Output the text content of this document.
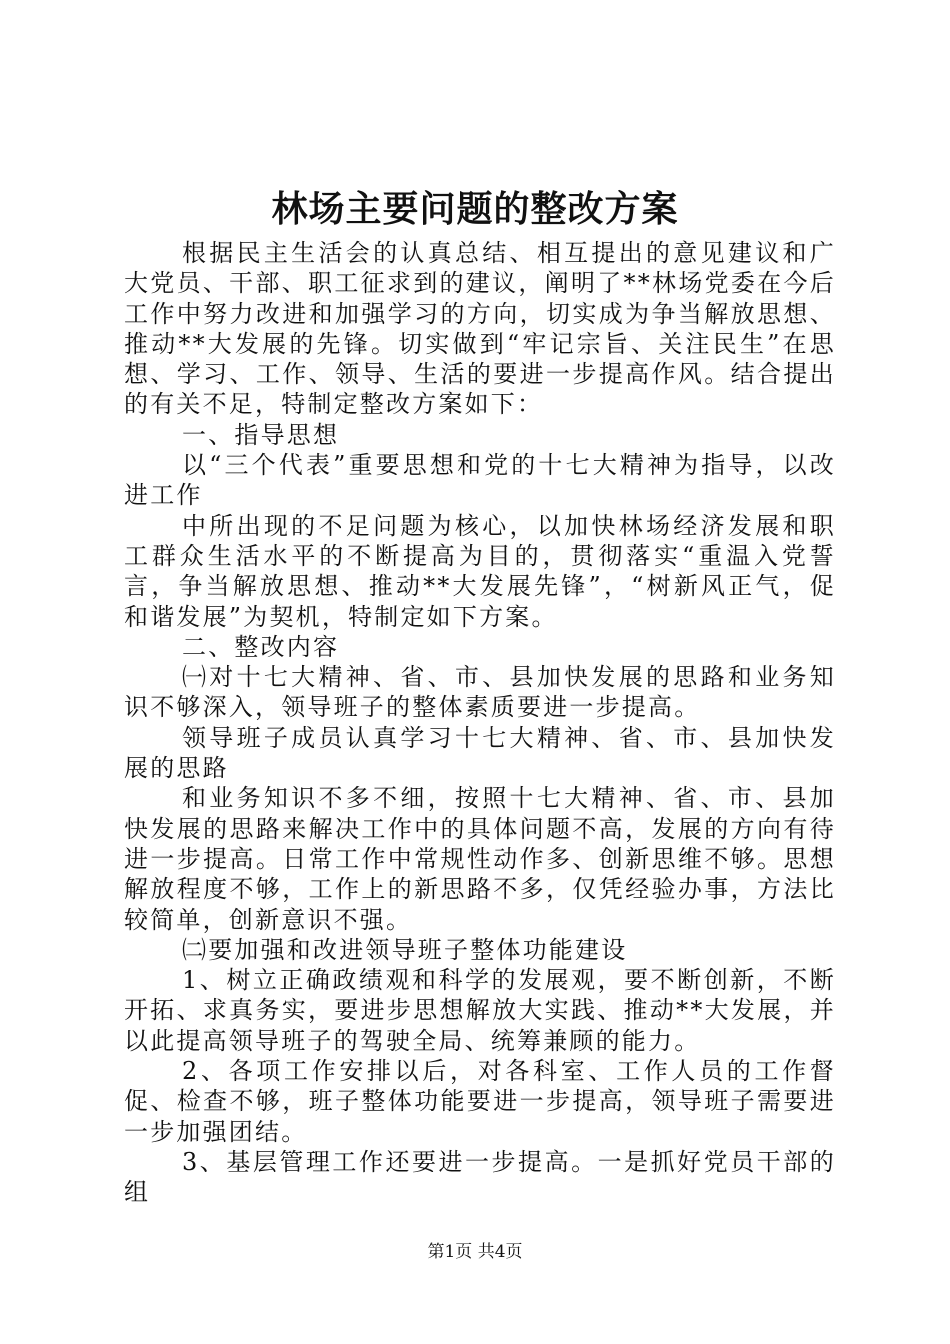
林场主要问题的整改方案

根据民主生活会的认真总结、相互提出的意见建议和广大党员、干部、职工征求到的建议，阐明了**林场党委在今后工作中努力改进和加强学习的方向，切实成为争当解放思想、推动**大发展的先锋。切实做到“牢记宗旨、关注民生”在思想、学习、工作、领导、生活的要进一步提高作风。结合提出的有关不足，特制定整改方案如下：

一、指导思想

以“三个代表”重要思想和党的十七大精神为指导，以改进工作

中所出现的不足问题为核心，以加快林场经济发展和职工群众生活水平的不断提高为目的，贯彻落实“重温入党誓言，争当解放思想、推动**大发展先锋”，“树新风正气，促和谐发展”为契机，特制定如下方案。

二、整改内容

㈠对十七大精神、省、市、县加快发展的思路和业务知识不够深入，领导班子的整体素质要进一步提高。

领导班子成员认真学习十七大精神、省、市、县加快发展的思路

和业务知识不多不细，按照十七大精神、省、市、县加快发展的思路来解决工作中的具体问题不高，发展的方向有待进一步提高。日常工作中常规性动作多、创新思维不够。思想解放程度不够，工作上的新思路不多，仅凭经验办事，方法比较简单，创新意识不强。

㈡要加强和改进领导班子整体功能建设

1、树立正确政绩观和科学的发展观，要不断创新，不断开拓、求真务实，要进步思想解放大实践、推动**大发展，并以此提高领导班子的驾驶全局、统筹兼顾的能力。

2、各项工作安排以后，对各科室、工作人员的工作督促、检查不够，班子整体功能要进一步提高，领导班子需要进一步加强团结。

3、基层管理工作还要进一步提高。一是抓好党员干部的组

第1页 共4页
